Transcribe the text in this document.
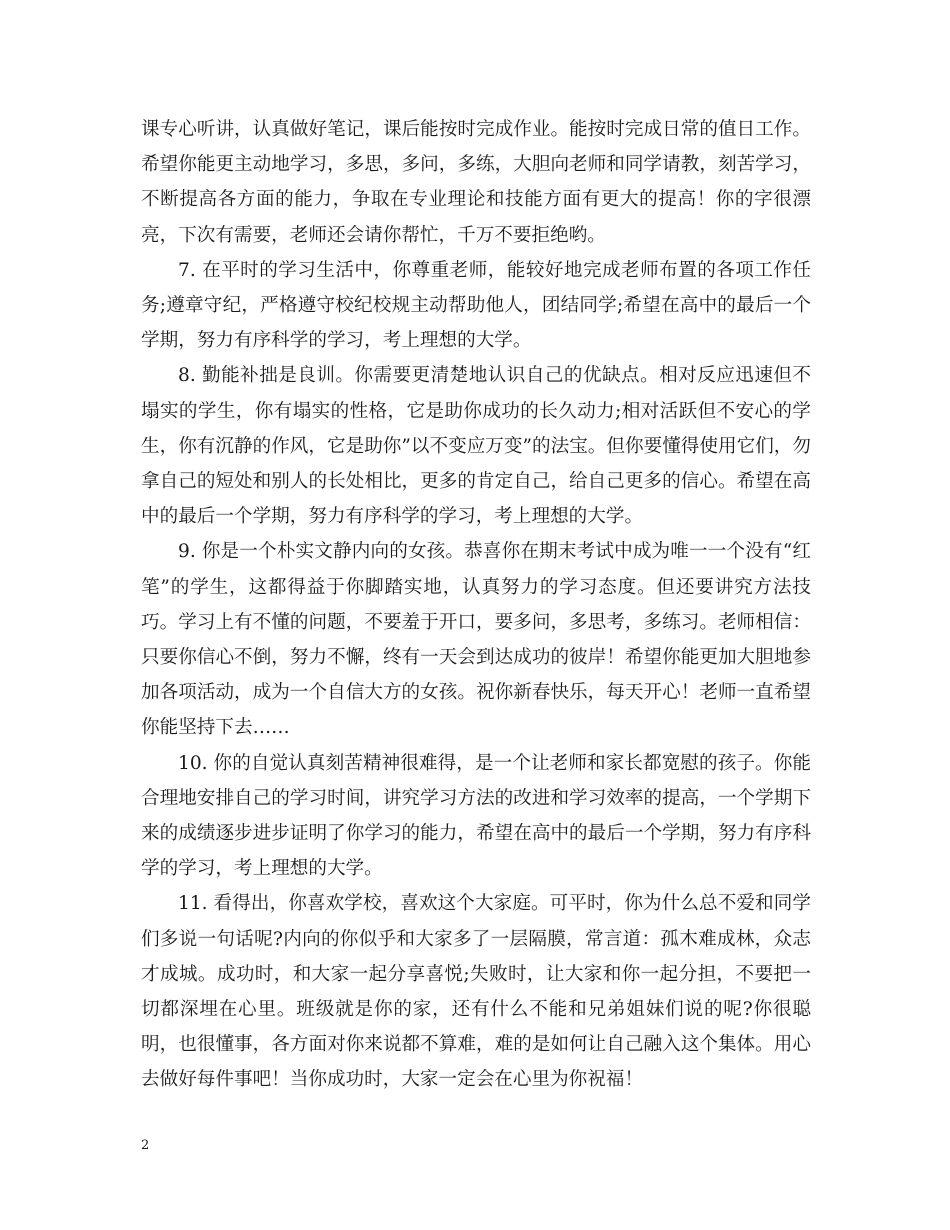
课专心听讲，认真做好笔记，课后能按时完成作业。能按时完成日常的值日工作。希望你能更主动地学习，多思，多问，多练，大胆向老师和同学请教，刻苦学习，不断提高各方面的能力，争取在专业理论和技能方面有更大的提高！你的字很漂亮，下次有需要，老师还会请你帮忙，千万不要拒绝哟。

7. 在平时的学习生活中，你尊重老师，能较好地完成老师布置的各项工作任务;遵章守纪，严格遵守校纪校规主动帮助他人，团结同学;希望在高中的最后一个学期，努力有序科学的学习，考上理想的大学。

8. 勤能补拙是良训。你需要更清楚地认识自己的优缺点。相对反应迅速但不塌实的学生，你有塌实的性格，它是助你成功的长久动力;相对活跃但不安心的学生，你有沉静的作风，它是助你”以不变应万变”的法宝。但你要懂得使用它们，勿拿自己的短处和别人的长处相比，更多的肯定自己，给自己更多的信心。希望在高中的最后一个学期，努力有序科学的学习，考上理想的大学。

9. 你是一个朴实文静内向的女孩。恭喜你在期末考试中成为唯一一个没有“红笔”的学生，这都得益于你脚踏实地，认真努力的学习态度。但还要讲究方法技巧。学习上有不懂的问题，不要羞于开口，要多问，多思考，多练习。老师相信：只要你信心不倒，努力不懈，终有一天会到达成功的彼岸！希望你能更加大胆地参加各项活动，成为一个自信大方的女孩。祝你新春快乐，每天开心！老师一直希望你能坚持下去……

10. 你的自觉认真刻苦精神很难得，是一个让老师和家长都宽慰的孩子。你能合理地安排自己的学习时间，讲究学习方法的改进和学习效率的提高，一个学期下来的成绩逐步进步证明了你学习的能力，希望在高中的最后一个学期，努力有序科学的学习，考上理想的大学。

11. 看得出，你喜欢学校，喜欢这个大家庭。可平时，你为什么总不爱和同学们多说一句话呢?内向的你似乎和大家多了一层隔膜，常言道：孤木难成林，众志才成城。成功时，和大家一起分享喜悦;失败时，让大家和你一起分担，不要把一切都深埋在心里。班级就是你的家，还有什么不能和兄弟姐妹们说的呢?你很聪明，也很懂事，各方面对你来说都不算难，难的是如何让自己融入这个集体。用心去做好每件事吧！当你成功时，大家一定会在心里为你祝福！

2
